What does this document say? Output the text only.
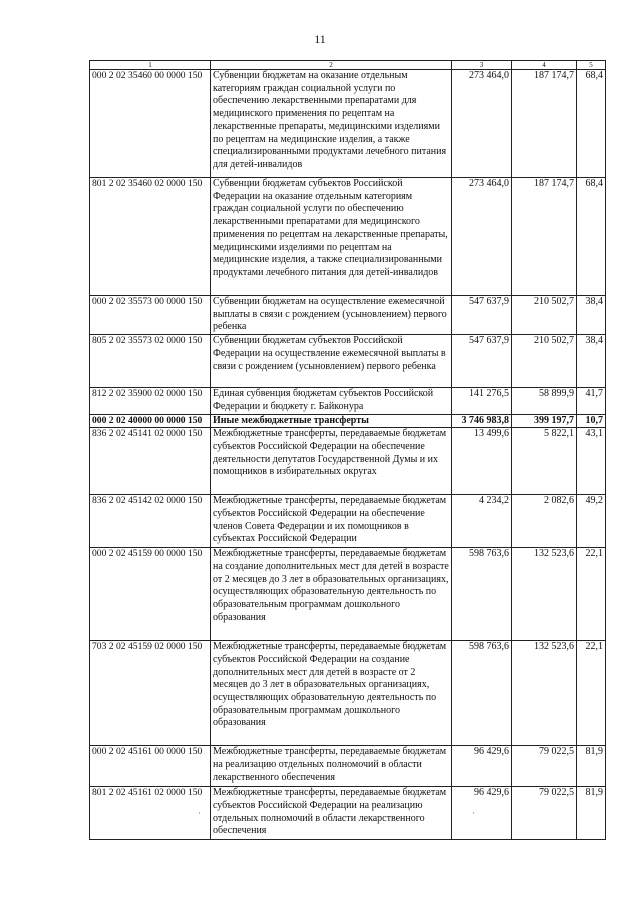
11
1	2	3	4	5
000 2 02 35460 00 0000 150	Субвенции бюджетам на оказание отдельным категориям граждан социальной услуги по обеспечению лекарственными препаратами для медицинского применения по рецептам на лекарственные препараты, медицинскими изделиями по рецептам на медицинские изделия, а также специализированными продуктами лечебного питания для детей-инвалидов	273 464,0	187 174,7	68,4
801 2 02 35460 02 0000 150	Субвенции бюджетам субъектов Российской Федерации на оказание отдельным категориям граждан социальной услуги по обеспечению лекарственными препаратами для медицинского применения по рецептам на лекарственные препараты, медицинскими изделиями по рецептам на медицинские изделия, а также специализированными продуктами лечебного питания для детей-инвалидов	273 464,0	187 174,7	68,4
000 2 02 35573 00 0000 150	Субвенции бюджетам на осуществление ежемесячной выплаты в связи с рождением (усыновлением) первого ребенка	547 637,9	210 502,7	38,4
805 2 02 35573 02 0000 150	Субвенции бюджетам субъектов Российской Федерации на осуществление ежемесячной выплаты в связи с рождением (усыновлением) первого ребенка	547 637,9	210 502,7	38,4
812 2 02 35900 02 0000 150	Единая субвенция бюджетам субъектов Российской Федерации и бюджету г. Байконура	141 276,5	58 899,9	41,7
000 2 02 40000 00 0000 150	Иные межбюджетные трансферты	3 746 983,8	399 197,7	10,7
836 2 02 45141 02 0000 150	Межбюджетные трансферты, передаваемые бюджетам субъектов Российской Федерации на обеспечение деятельности депутатов Государственной Думы и их помощников в избирательных округах	13 499,6	5 822,1	43,1
836 2 02 45142 02 0000 150	Межбюджетные трансферты, передаваемые бюджетам субъектов Российской Федерации на обеспечение членов Совета Федерации и их помощников в субъектах Российской Федерации	4 234,2	2 082,6	49,2
000 2 02 45159 00 0000 150	Межбюджетные трансферты, передаваемые бюджетам на создание дополнительных мест для детей в возрасте от 2 месяцев до 3 лет в образовательных организациях, осуществляющих образовательную деятельность по образовательным программам дошкольного образования	598 763,6	132 523,6	22,1
703 2 02 45159 02 0000 150	Межбюджетные трансферты, передаваемые бюджетам субъектов Российской Федерации на создание дополнительных мест для детей в возрасте от 2 месяцев до 3 лет в образовательных организациях, осуществляющих образовательную деятельность по образовательным программам дошкольного образования	598 763,6	132 523,6	22,1
000 2 02 45161 00 0000 150	Межбюджетные трансферты, передаваемые бюджетам на реализацию отдельных полномочий в области лекарственного обеспечения	96 429,6	79 022,5	81,9
801 2 02 45161 02 0000 150	Межбюджетные трансферты, передаваемые бюджетам субъектов Российской Федерации на реализацию отдельных полномочий в области лекарственного обеспечения	96 429,6	79 022,5	81,9
·	·
